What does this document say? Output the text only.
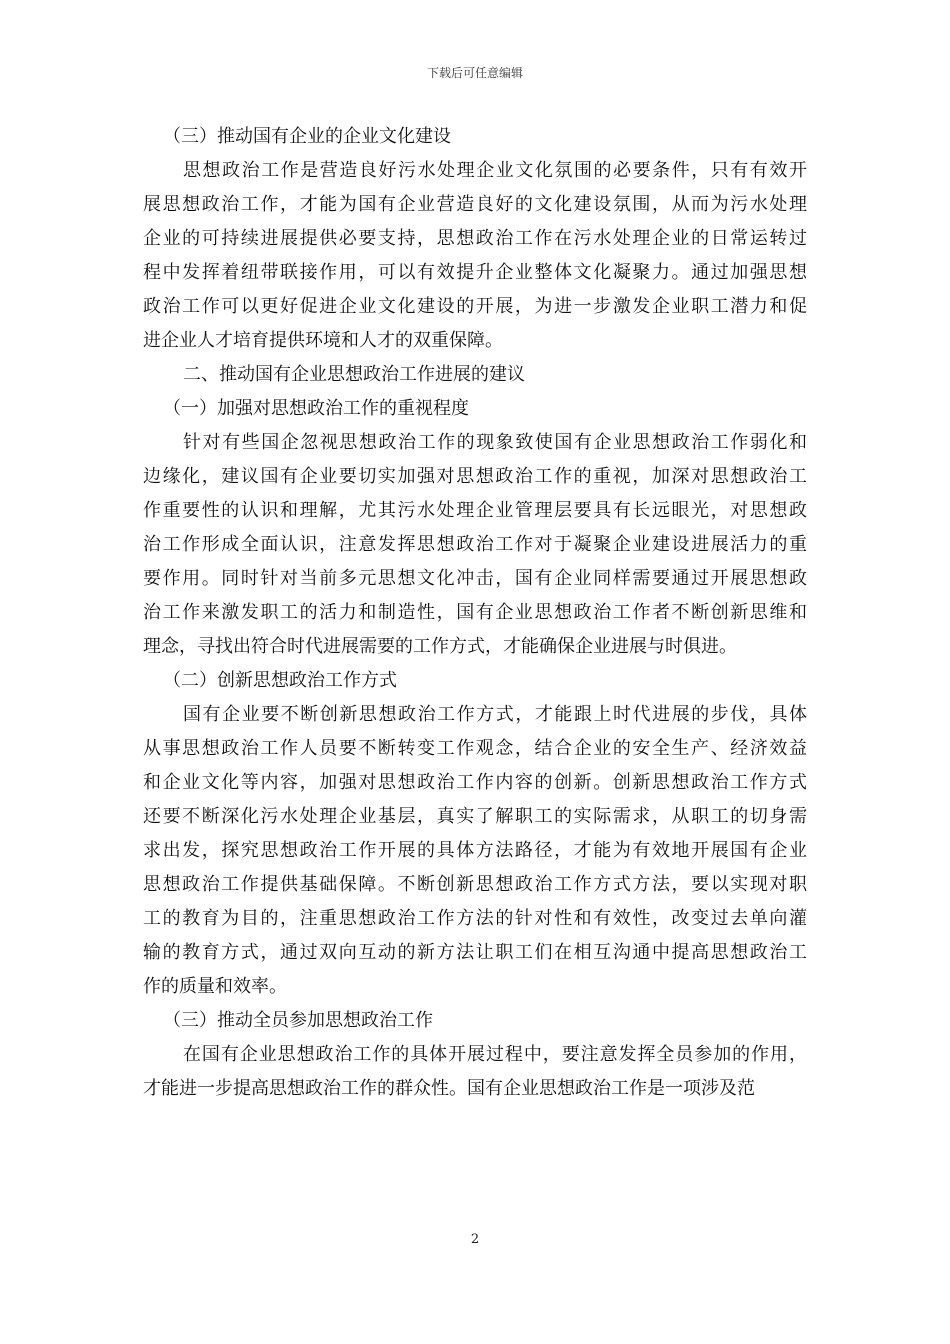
下载后可任意编辑
（三）推动国有企业的企业文化建设
思想政治工作是营造良好污水处理企业文化氛围的必要条件，只有有效开
展思想政治工作，才能为国有企业营造良好的文化建设氛围，从而为污水处理
企业的可持续进展提供必要支持，思想政治工作在污水处理企业的日常运转过
程中发挥着纽带联接作用，可以有效提升企业整体文化凝聚力。通过加强思想
政治工作可以更好促进企业文化建设的开展，为进一步激发企业职工潜力和促
进企业人才培育提供环境和人才的双重保障。
二、推动国有企业思想政治工作进展的建议
（一）加强对思想政治工作的重视程度
针对有些国企忽视思想政治工作的现象致使国有企业思想政治工作弱化和
边缘化，建议国有企业要切实加强对思想政治工作的重视，加深对思想政治工
作重要性的认识和理解，尤其污水处理企业管理层要具有长远眼光，对思想政
治工作形成全面认识，注意发挥思想政治工作对于凝聚企业建设进展活力的重
要作用。同时针对当前多元思想文化冲击，国有企业同样需要通过开展思想政
治工作来激发职工的活力和制造性，国有企业思想政治工作者不断创新思维和
理念，寻找出符合时代进展需要的工作方式，才能确保企业进展与时俱进。
（二）创新思想政治工作方式
国有企业要不断创新思想政治工作方式，才能跟上时代进展的步伐，具体
从事思想政治工作人员要不断转变工作观念，结合企业的安全生产、经济效益
和企业文化等内容，加强对思想政治工作内容的创新。创新思想政治工作方式
还要不断深化污水处理企业基层，真实了解职工的实际需求，从职工的切身需
求出发，探究思想政治工作开展的具体方法路径，才能为有效地开展国有企业
思想政治工作提供基础保障。不断创新思想政治工作方式方法，要以实现对职
工的教育为目的，注重思想政治工作方法的针对性和有效性，改变过去单向灌
输的教育方式，通过双向互动的新方法让职工们在相互沟通中提高思想政治工
作的质量和效率。
（三）推动全员参加思想政治工作
在国有企业思想政治工作的具体开展过程中，要注意发挥全员参加的作用，
才能进一步提高思想政治工作的群众性。国有企业思想政治工作是一项涉及范
2
